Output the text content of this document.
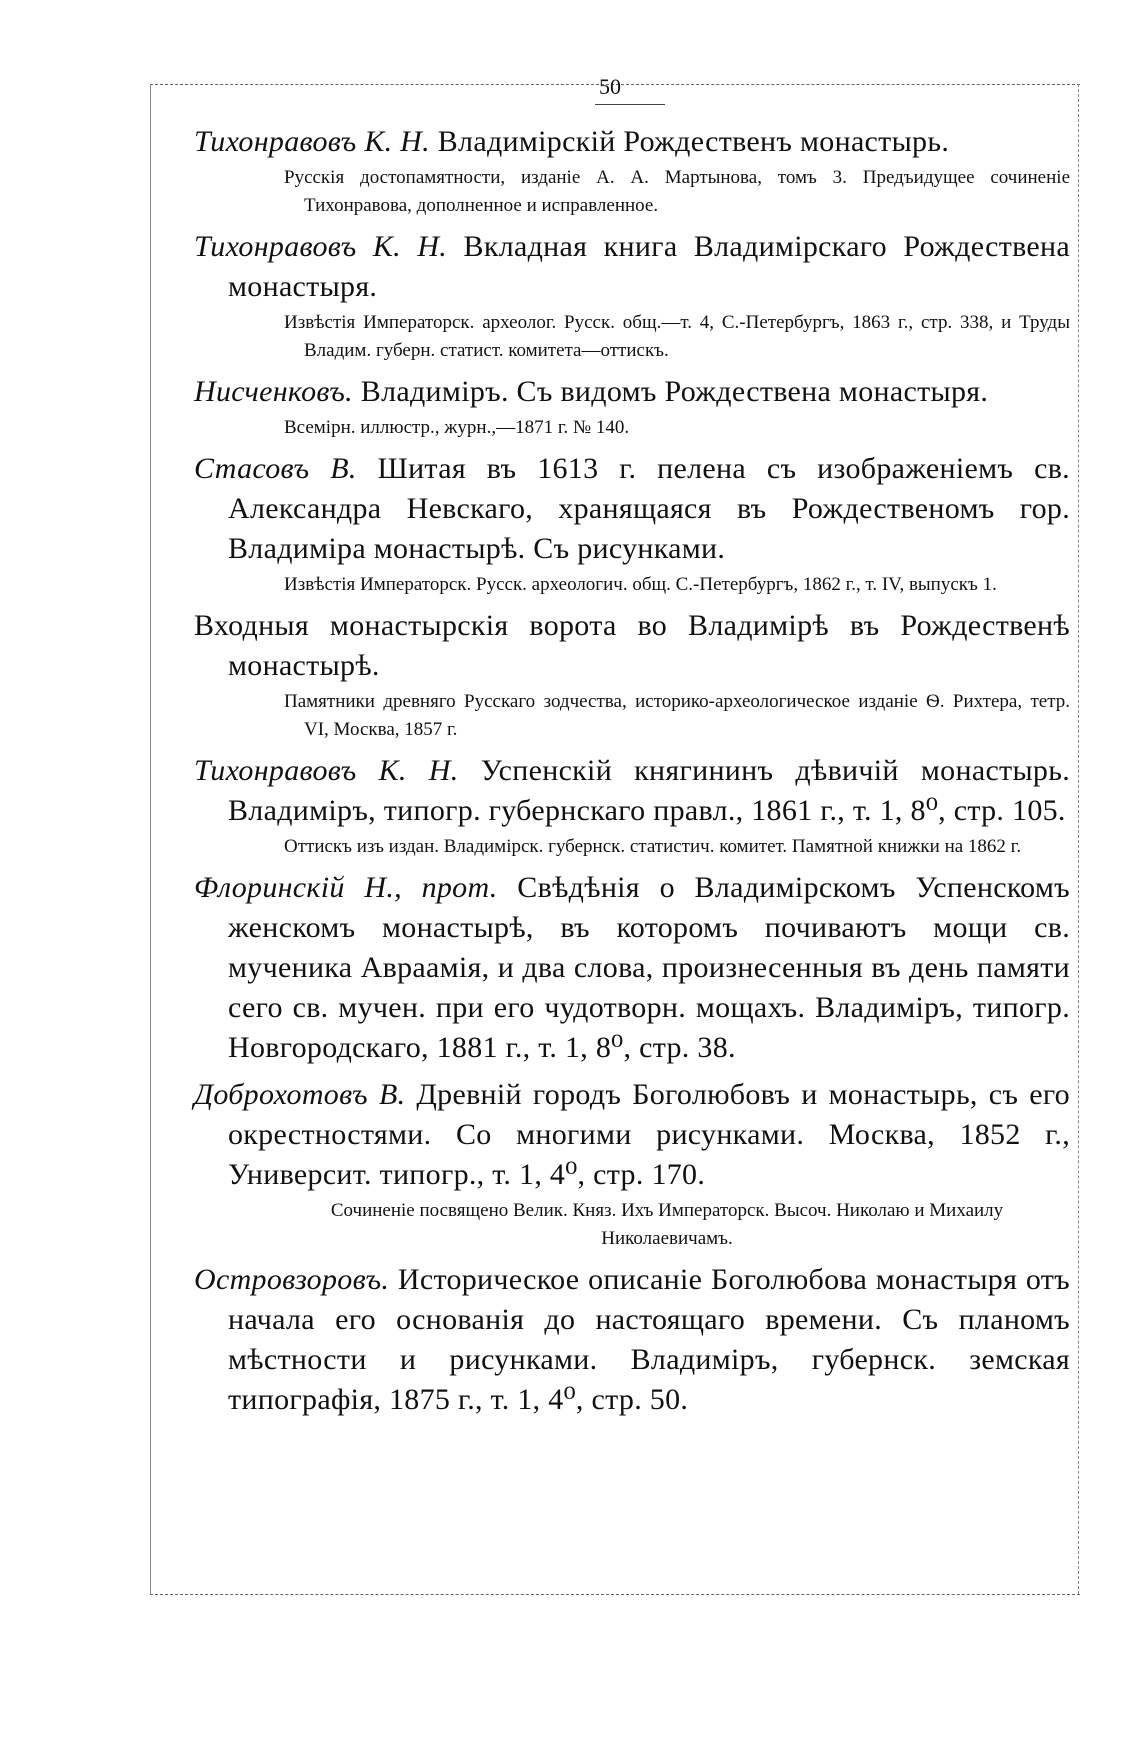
50
Тихонравовъ К. Н. Владимірскій Рождественъ монастырь.
Русскія достопамятности, изданіе А. А. Мартынова, томъ 3. Предъидущее сочиненіе Тихонравова, дополненное и исправленное.
Тихонравовъ К. Н. Вкладная книга Владимірскаго Рождествена монастыря.
Извѣстія Императорск. археолог. Русск. общ.—т. 4, С.-Петербургъ, 1863 г., стр. 338, и Труды Владим. губерн. статист. комитета—оттискъ.
Нисченковъ. Владиміръ. Съ видомъ Рождествена монастыря.
Всемірн. иллюстр., журн.,—1871 г. № 140.
Стасовъ В. Шитая въ 1613 г. пелена съ изображеніемъ св. Александра Невскаго, хранящаяся въ Рождественомъ гор. Владиміра монастырѣ. Съ рисунками.
Извѣстія Императорск. Русск. археологич. общ. С.-Петербургъ, 1862 г., т. IV, выпускъ 1.
Входныя монастырскія ворота во Владимірѣ въ Рождественѣ монастырѣ.
Памятники древняго Русскаго зодчества, историко-археологическое изданіе Ѳ. Рихтера, тетр. VI, Москва, 1857 г.
Тихонравовъ К. Н. Успенскій княгининъ дѣвичій монастырь. Владиміръ, типогр. губернскаго правл., 1861 г., т. 1, 8⁰, стр. 105.
Оттискъ изъ издан. Владимірск. губернск. статистич. комитет. Памятной книжки на 1862 г.
Флоринскій Н., прот. Свѣдѣнія о Владимірскомъ Успенскомъ женскомъ монастырѣ, въ которомъ почиваютъ мощи св. мученика Авраамія, и два слова, произнесенныя въ день памяти сего св. мучен. при его чудотворн. мощахъ. Владиміръ, типогр. Новгородскаго, 1881 г., т. 1, 8⁰, стр. 38.
Доброхотовъ В. Древній городъ Боголюбовъ и монастырь, съ его окрестностями. Со многими рисунками. Москва, 1852 г., Университ. типогр., т. 1, 4⁰, стр. 170.
Сочиненіе посвящено Велик. Княз. Ихъ Императорск. Высоч. Николаю и Михаилу Николаевичамъ.
Островзоровъ. Историческое описаніе Боголюбова монастыря отъ начала его основанія до настоящаго времени. Съ планомъ мѣстности и рисунками. Владиміръ, губернск. земская типографія, 1875 г., т. 1, 4⁰, стр. 50.
